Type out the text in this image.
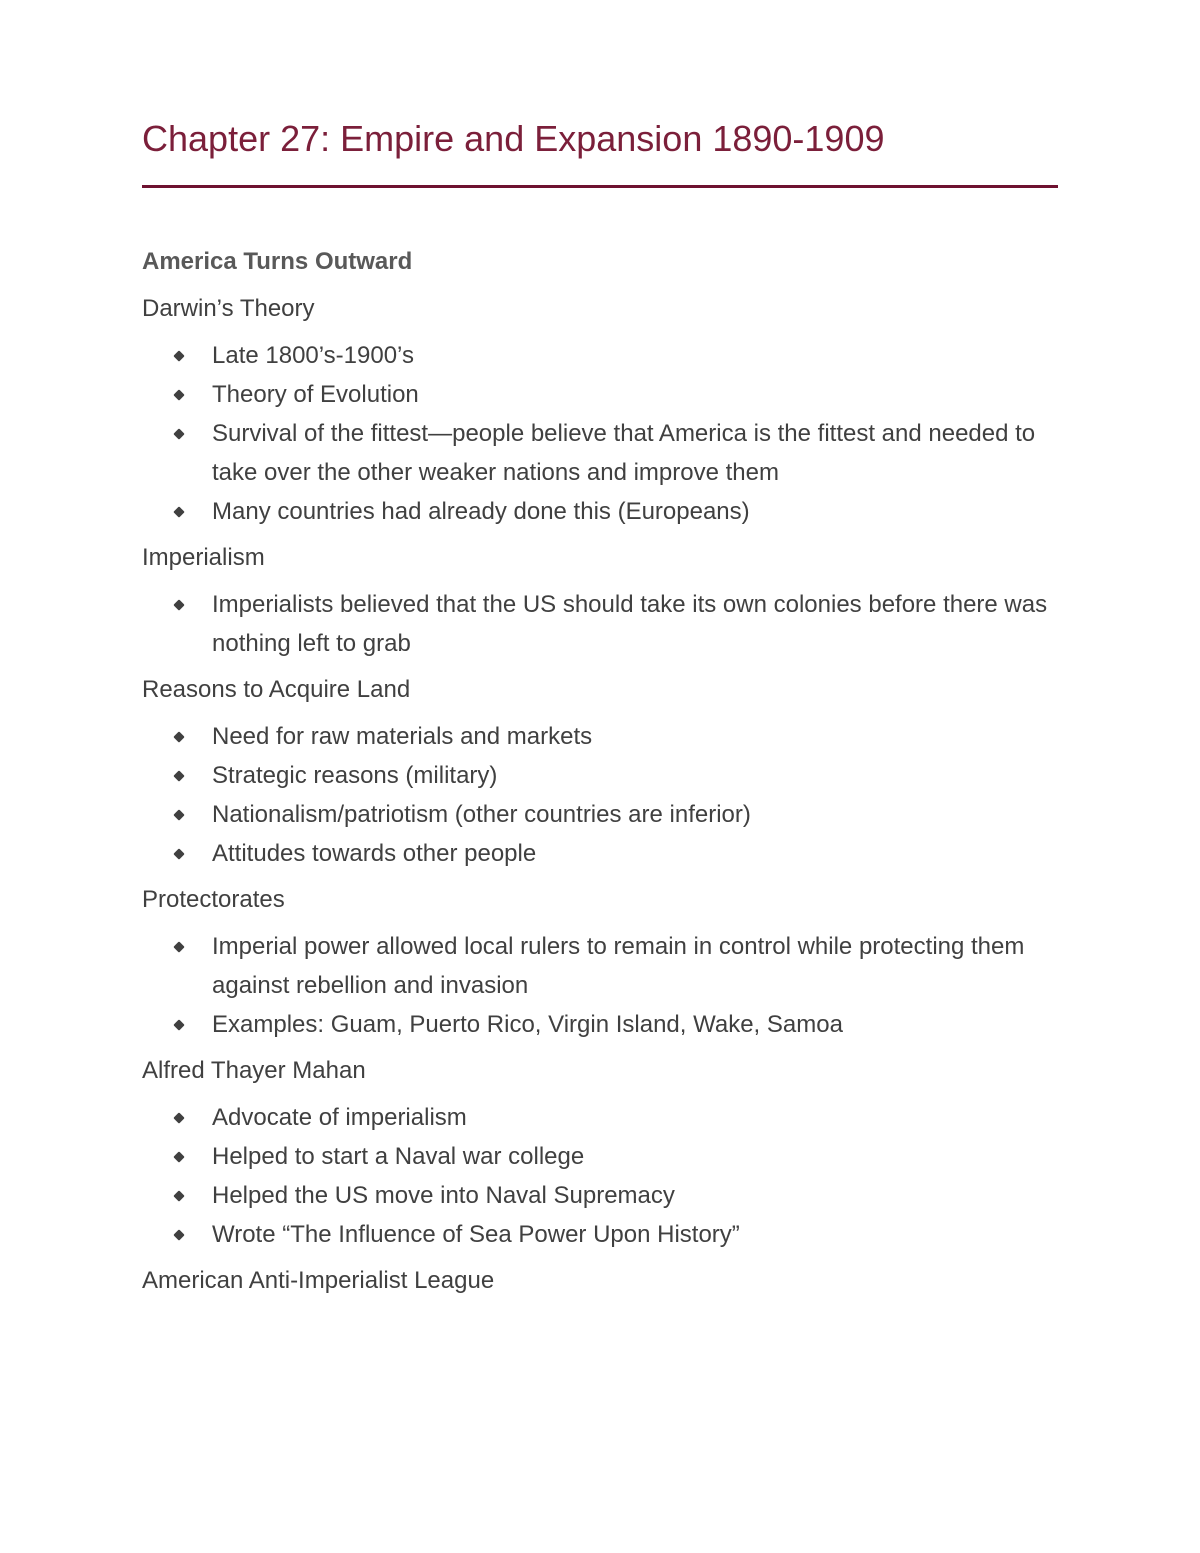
Chapter 27: Empire and Expansion 1890-1909
America Turns Outward

Darwin’s Theory

Late 1800’s-1900’s
Theory of Evolution
Survival of the fittest—people believe that America is the fittest and needed to take over the other weaker nations and improve them
Many countries had already done this (Europeans)

Imperialism

Imperialists believed that the US should take its own colonies before there was nothing left to grab

Reasons to Acquire Land

Need for raw materials and markets
Strategic reasons (military)
Nationalism/patriotism (other countries are inferior)
Attitudes towards other people

Protectorates

Imperial power allowed local rulers to remain in control while protecting them against rebellion and invasion
Examples: Guam, Puerto Rico, Virgin Island, Wake, Samoa

Alfred Thayer Mahan

Advocate of imperialism
Helped to start a Naval war college
Helped the US move into Naval Supremacy
Wrote “The Influence of Sea Power Upon History”

American Anti-Imperialist League
